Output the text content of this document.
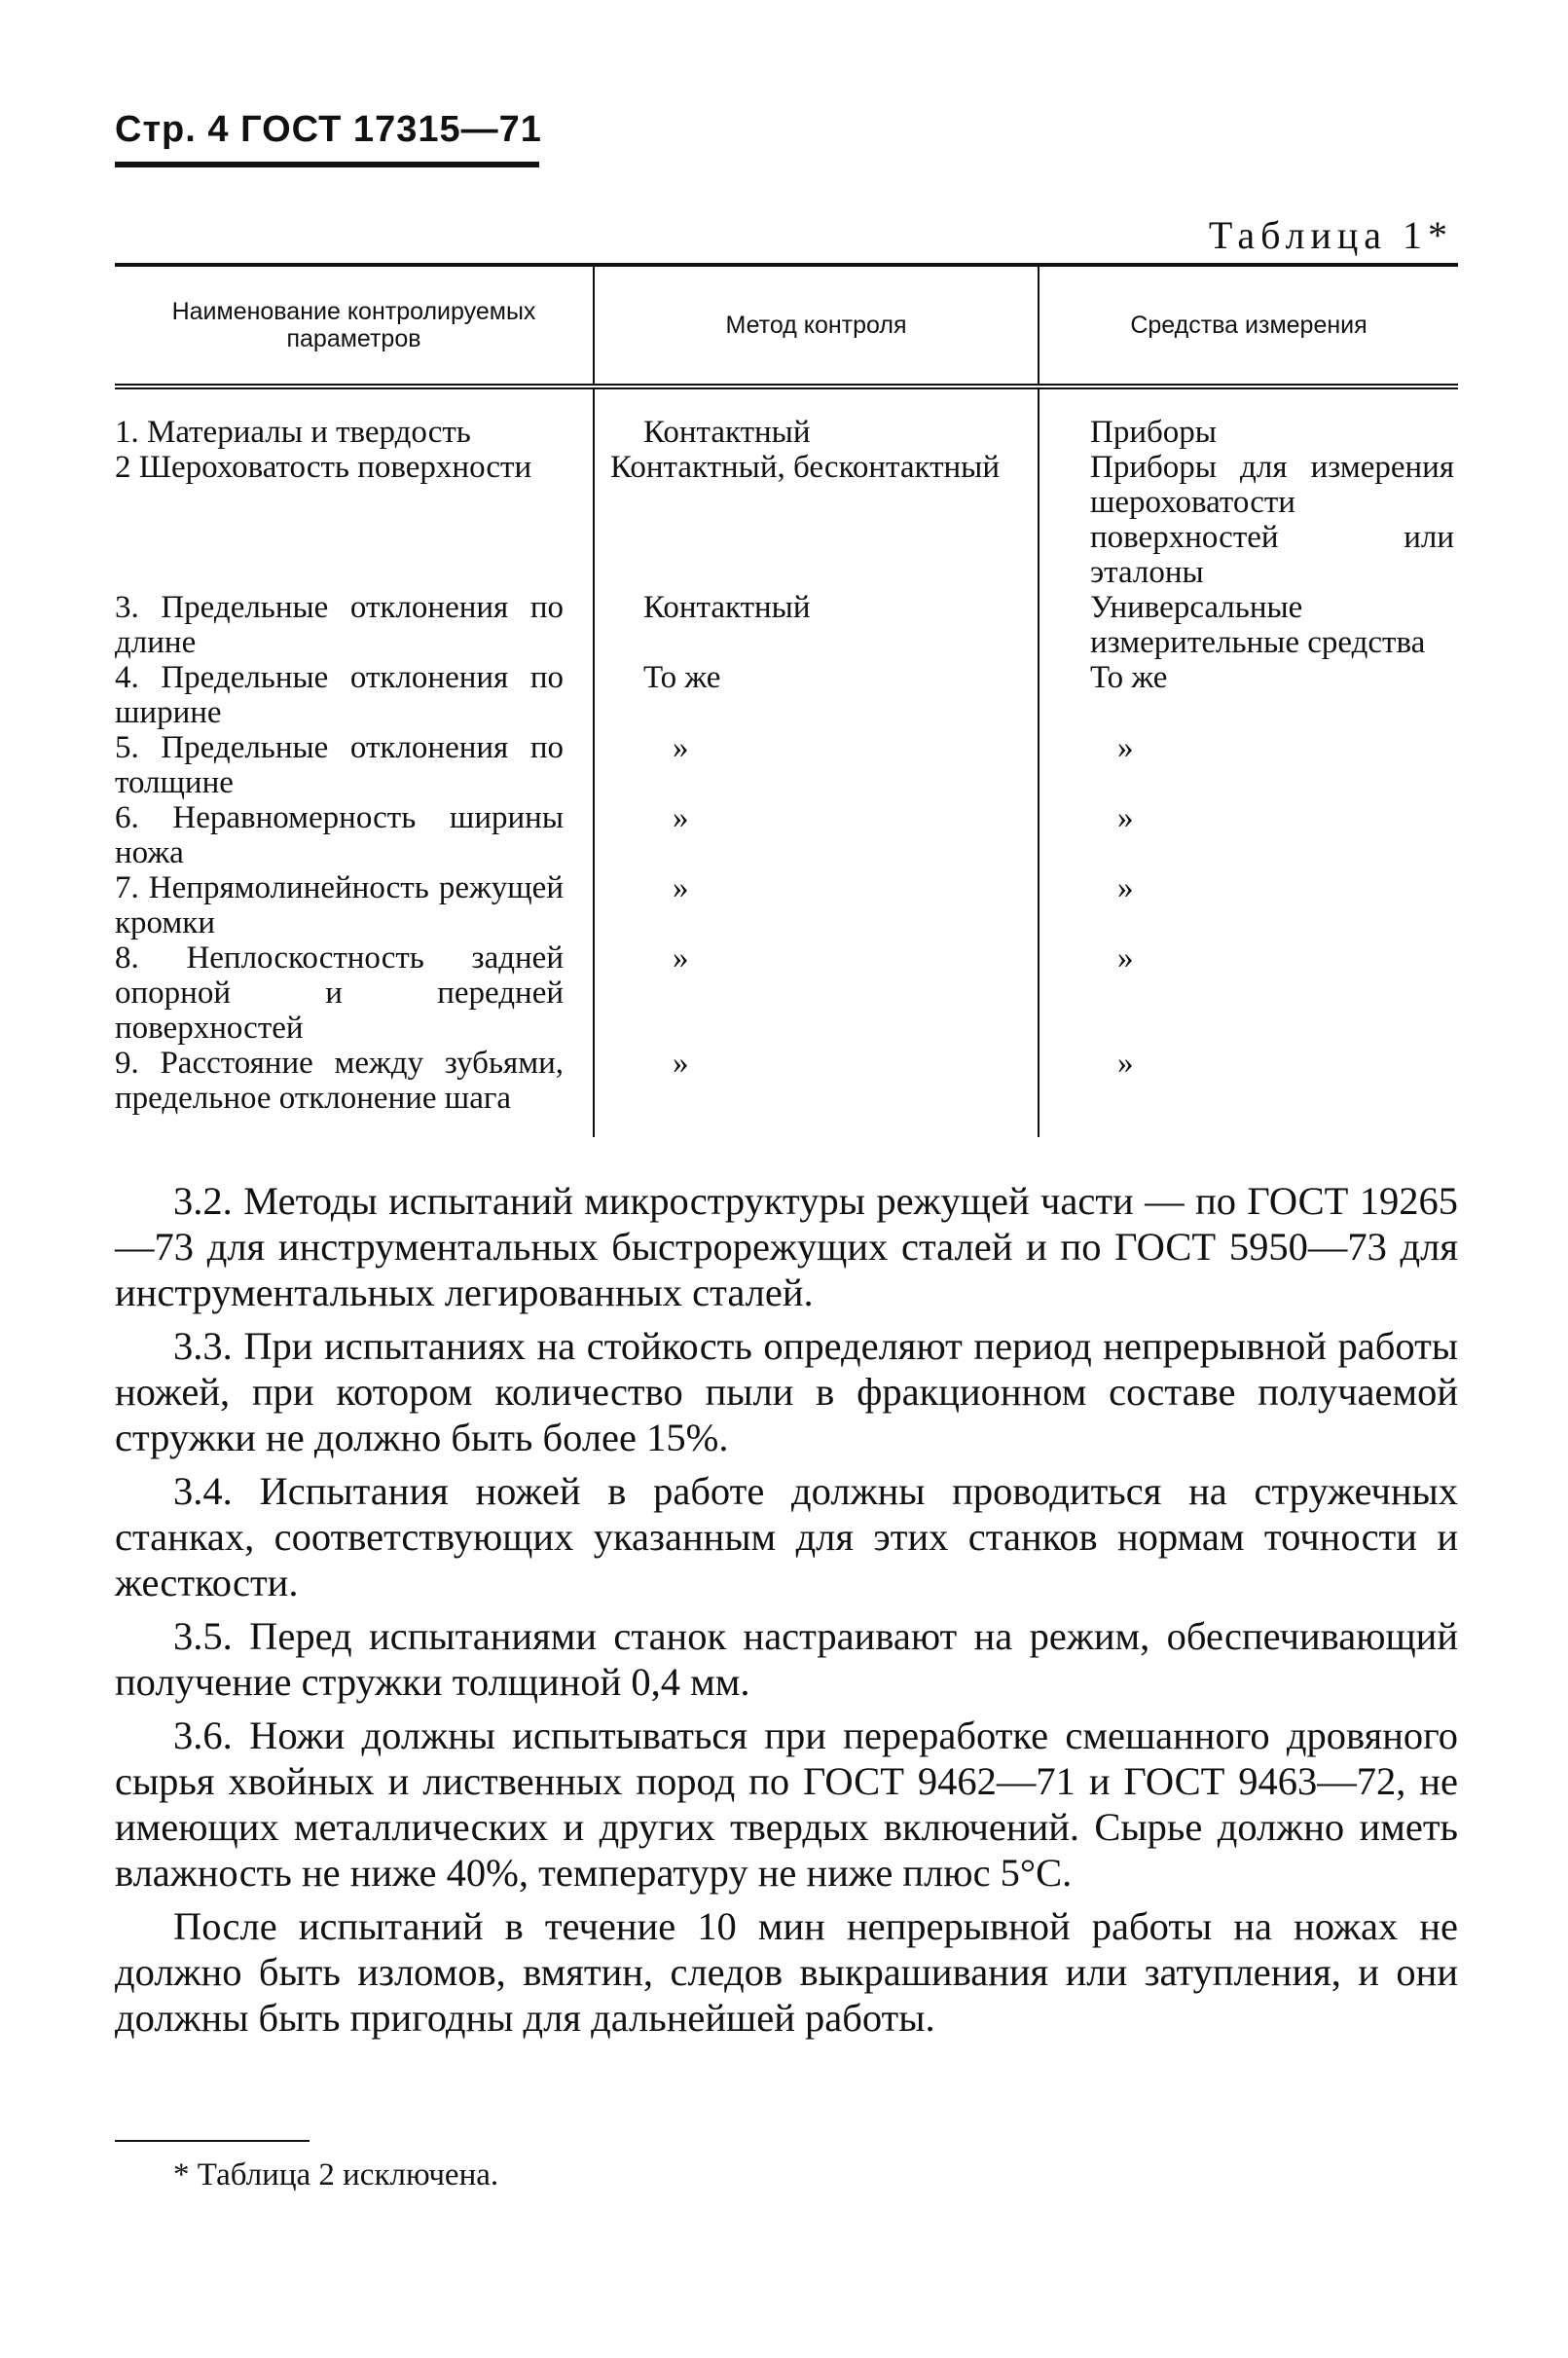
Стр. 4 ГОСТ 17315—71
Таблица 1*
Наименование контролируемых параметров	Метод контроля	Средства измерения
1. Материалы и твердость	Контактный	Приборы
2 Шероховатость поверхности	Контактный, бесконтактный	Приборы для измерения шероховатости поверхностей или эталоны
3. Предельные отклонения по длине	Контактный	Универсальные измерительные средства
4. Предельные отклонения по ширине	То же	То же
5. Предельные отклонения по толщине	»	»
6. Неравномерность ширины ножа	»	»
7. Непрямолинейность режущей кромки	»	»
8. Неплоскостность задней опорной и передней поверхностей	»	»
9. Расстояние между зубьями, предельное отклонение шага	»	»

3.2. Методы испытаний микроструктуры режущей части — по ГОСТ 19265—73 для инструментальных быстрорежущих сталей и по ГОСТ 5950—73 для инструментальных легированных сталей.

3.3. При испытаниях на стойкость определяют период непрерывной работы ножей, при котором количество пыли в фракционном составе получаемой стружки не должно быть более 15%.

3.4. Испытания ножей в работе должны проводиться на стружечных станках, соответствующих указанным для этих станков нормам точности и жесткости.

3.5. Перед испытаниями станок настраивают на режим, обеспечивающий получение стружки толщиной 0,4 мм.

3.6. Ножи должны испытываться при переработке смешанного дровяного сырья хвойных и лиственных пород по ГОСТ 9462—71 и ГОСТ 9463—72, не имеющих металлических и других твердых включений. Сырье должно иметь влажность не ниже 40%, температуру не ниже плюс 5°С.

После испытаний в течение 10 мин непрерывной работы на ножах не должно быть изломов, вмятин, следов выкрашивания или затупления, и они должны быть пригодны для дальнейшей работы.

* Таблица 2 исключена.
